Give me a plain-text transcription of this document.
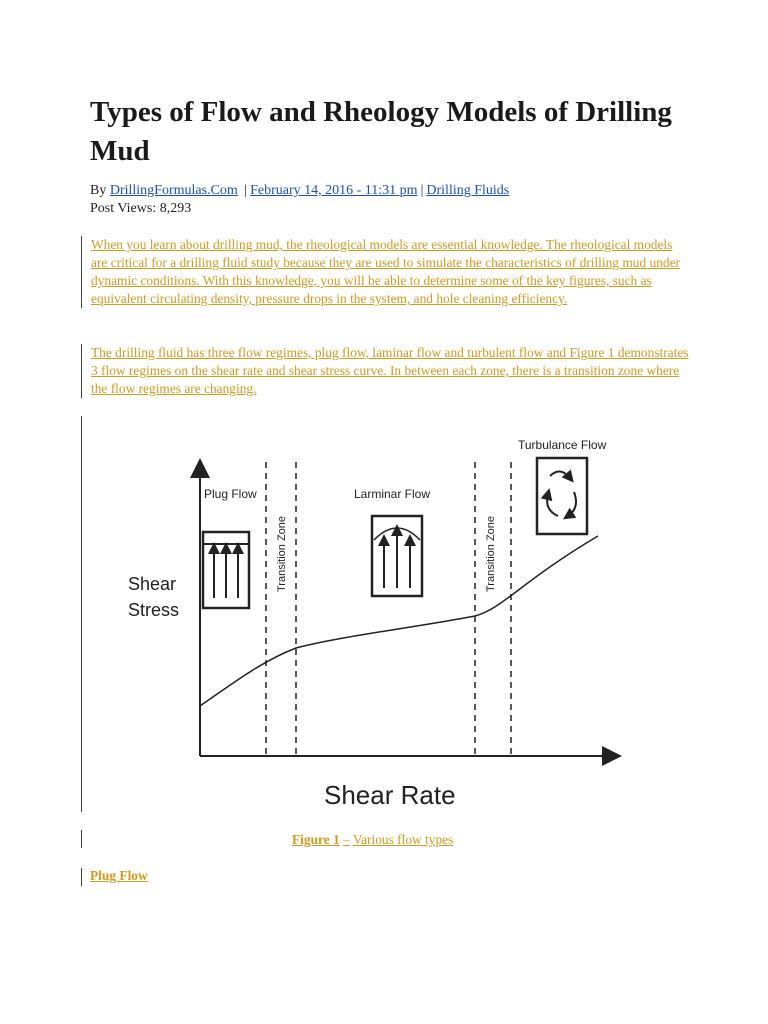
Types of Flow and Rheology Models of Drilling Mud
By DrillingFormulas.Com | February 14, 2016 - 11:31 pm | Drilling Fluids
Post Views: 8,293
When you learn about drilling mud, the rheological models are essential knowledge. The rheological models are critical for a drilling fluid study because they are used to simulate the characteristics of drilling mud under dynamic conditions. With this knowledge, you will be able to determine some of the key figures, such as equivalent circulating density, pressure drops in the system, and hole cleaning efficiency.
The drilling fluid has three flow regimes, plug flow, laminar flow and turbulent flow and Figure 1 demonstrates 3 flow regimes on the shear rate and shear stress curve. In between each zone, there is a transition zone where the flow regimes are changing.
Shear
Stress
Shear Rate
Plug Flow	Larminar Flow
Turbulance Flow
Transition Zone	Transition Zone
Figure 1 – Various flow types
Plug Flow
